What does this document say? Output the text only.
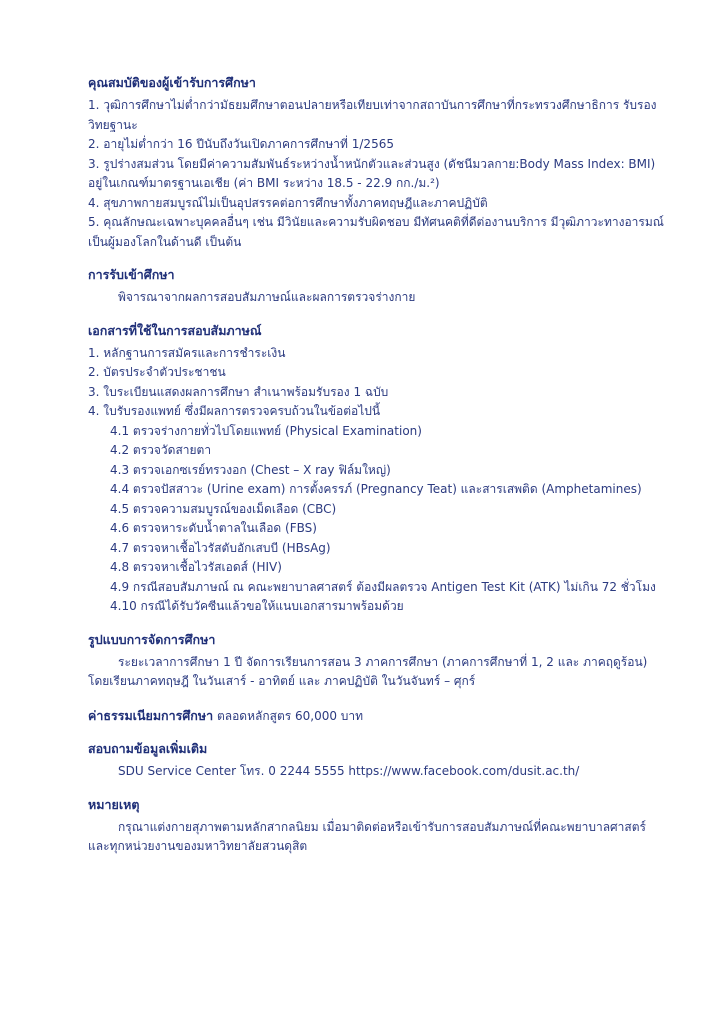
คุณสมบัติของผู้เข้ารับการศึกษา
1. วุฒิการศึกษาไม่ต่ำกว่ามัธยมศึกษาตอนปลายหรือเทียบเท่าจากสถาบันการศึกษาที่กระทรวงศึกษาธิการ รับรองวิทยฐานะ
2. อายุไม่ต่ำกว่า 16 ปีนับถึงวันเปิดภาคการศึกษาที่ 1/2565
3. รูปร่างสมส่วน โดยมีค่าความสัมพันธ์ระหว่างน้ำหนักตัวและส่วนสูง (ดัชนีมวลกาย:Body Mass Index: BMI) อยู่ในเกณฑ์มาตรฐานเอเชีย (ค่า BMI ระหว่าง 18.5 - 22.9 กก./ม.²)
4. สุขภาพกายสมบูรณ์ไม่เป็นอุปสรรคต่อการศึกษาทั้งภาคทฤษฎีและภาคปฏิบัติ
5. คุณลักษณะเฉพาะบุคคลอื่นๆ เช่น มีวินัยและความรับผิดชอบ มีทัศนคติที่ดีต่องานบริการ มีวุฒิภาวะทางอารมณ์ เป็นผู้มองโลกในด้านดี เป็นต้น
การรับเข้าศึกษา

พิจารณาจากผลการสอบสัมภาษณ์และผลการตรวจร่างกาย

เอกสารที่ใช้ในการสอบสัมภาษณ์
1. หลักฐานการสมัครและการชำระเงิน
2. บัตรประจำตัวประชาชน
3. ใบระเบียนแสดงผลการศึกษา สำเนาพร้อมรับรอง 1 ฉบับ
4. ใบรับรองแพทย์ ซึ่งมีผลการตรวจครบถ้วนในข้อต่อไปนี้
4.1 ตรวจร่างกายทั่วไปโดยแพทย์ (Physical Examination)
4.2 ตรวจวัดสายตา
4.3 ตรวจเอกซเรย์ทรวงอก (Chest – X ray ฟิล์มใหญ่)
4.4 ตรวจปัสสาวะ (Urine exam) การตั้งครรภ์ (Pregnancy Teat) และสารเสพติด (Amphetamines)
4.5 ตรวจความสมบูรณ์ของเม็ดเลือด (CBC)
4.6 ตรวจหาระดับน้ำตาลในเลือด (FBS)
4.7 ตรวจหาเชื้อไวรัสตับอักเสบบี (HBsAg)
4.8 ตรวจหาเชื้อไวรัสเอดส์ (HIV)
4.9 กรณีสอบสัมภาษณ์ ณ คณะพยาบาลศาสตร์ ต้องมีผลตรวจ Antigen Test Kit (ATK) ไม่เกิน 72 ชั่วโมง
4.10 กรณีได้รับวัคซีนแล้วขอให้แนบเอกสารมาพร้อมด้วย
รูปแบบการจัดการศึกษา

ระยะเวลาการศึกษา 1 ปี จัดการเรียนการสอน 3 ภาคการศึกษา (ภาคการศึกษาที่ 1, 2 และ ภาคฤดูร้อน)

โดยเรียนภาคทฤษฎี ในวันเสาร์ - อาทิตย์ และ ภาคปฏิบัติ ในวันจันทร์ – ศุกร์

ค่าธรรมเนียมการศึกษา ตลอดหลักสูตร 60,000 บาท

สอบถามข้อมูลเพิ่มเติม

SDU Service Center โทร. 0 2244 5555 https://www.facebook.com/dusit.ac.th/

หมายเหตุ

กรุณาแต่งกายสุภาพตามหลักสากลนิยม เมื่อมาติดต่อหรือเข้ารับการสอบสัมภาษณ์ที่คณะพยาบาลศาสตร์

และทุกหน่วยงานของมหาวิทยาลัยสวนดุสิต
